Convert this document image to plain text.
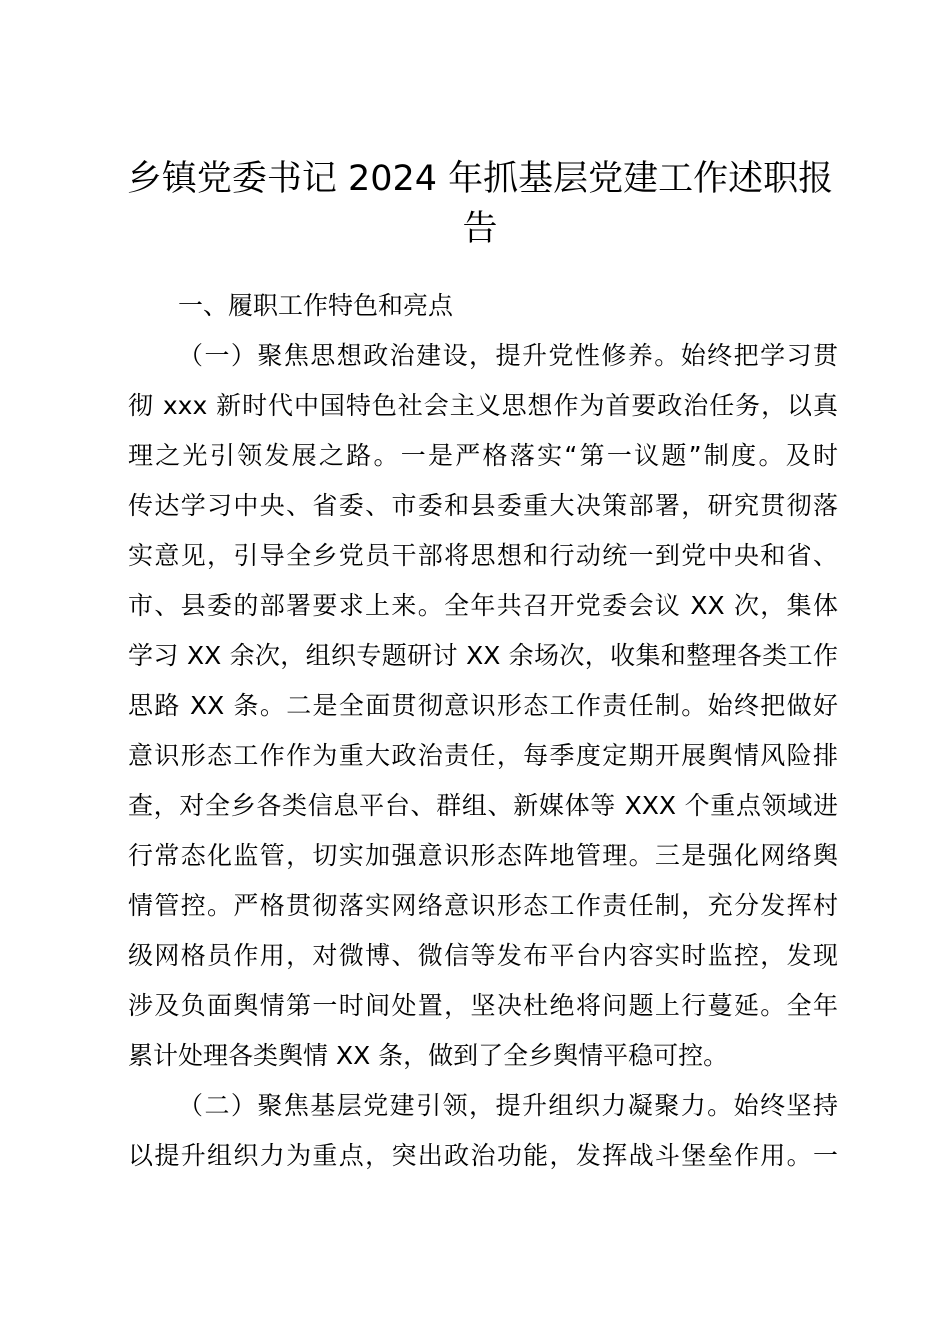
乡镇党委书记 2024 年抓基层党建工作述职报
告
一、履职工作特色和亮点
（一）聚焦思想政治建设，提升党性修养。始终把学习贯
彻 xxx 新时代中国特色社会主义思想作为首要政治任务，以真
理之光引领发展之路。一是严格落实“第一议题”制度。及时
传达学习中央、省委、市委和县委重大决策部署，研究贯彻落
实意见，引导全乡党员干部将思想和行动统一到党中央和省、
市、县委的部署要求上来。全年共召开党委会议 XX 次，集体
学习 XX 余次，组织专题研讨 XX 余场次，收集和整理各类工作
思路 XX 条。二是全面贯彻意识形态工作责任制。始终把做好
意识形态工作作为重大政治责任，每季度定期开展舆情风险排
查，对全乡各类信息平台、群组、新媒体等 XXX 个重点领域进
行常态化监管，切实加强意识形态阵地管理。三是强化网络舆
情管控。严格贯彻落实网络意识形态工作责任制，充分发挥村
级网格员作用，对微博、微信等发布平台内容实时监控，发现
涉及负面舆情第一时间处置，坚决杜绝将问题上行蔓延。全年
累计处理各类舆情 XX 条，做到了全乡舆情平稳可控。
（二）聚焦基层党建引领，提升组织力凝聚力。始终坚持
以提升组织力为重点，突出政治功能，发挥战斗堡垒作用。一
